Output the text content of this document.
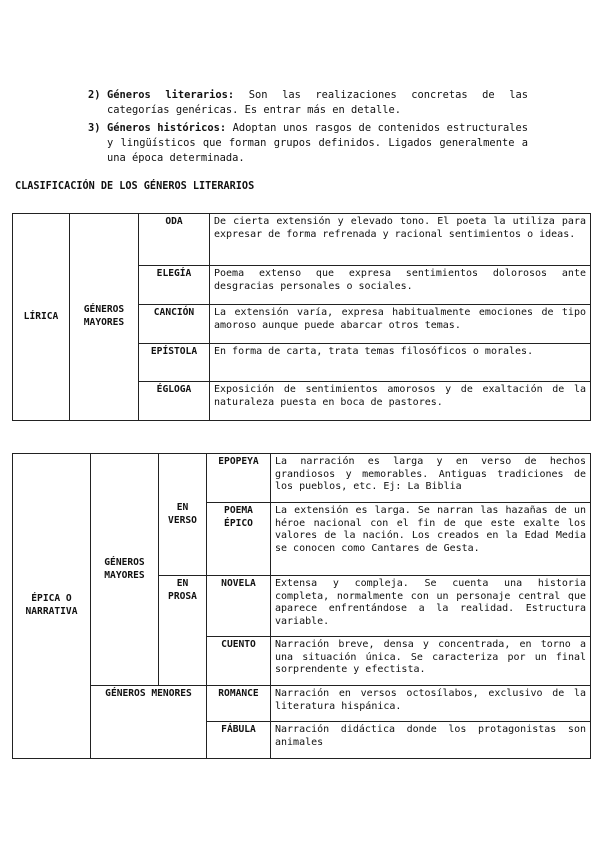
2) Géneros literarios: Son las realizaciones concretas de las categorías genéricas. Es entrar más en detalle.
3) Géneros históricos: Adoptan unos rasgos de contenidos estructurales y lingüísticos que forman grupos definidos. Ligados generalmente a una época determinada.
CLASIFICACIÓN DE LOS GÉNEROS LITERARIOS
LÍRICA	GÉNEROS MAYORES	ODA	De cierta extensión y elevado tono. El poeta la utiliza para expresar de forma refrenada y racional sentimientos o ideas.
		ELEGÍA	Poema extenso que expresa sentimientos dolorosos ante desgracias personales o sociales.
		CANCIÓN	La extensión varía, expresa habitualmente emociones de tipo amoroso aunque puede abarcar otros temas.
		EPÍSTOLA	En forma de carta, trata temas filosóficos o morales.
		ÉGLOGA	Exposición de sentimientos amorosos y de exaltación de la naturaleza puesta en boca de pastores.
ÉPICA O NARRATIVA	GÉNEROS MAYORES	EN VERSO	EPOPEYA	La narración es larga y en verso de hechos grandiosos y memorables. Antiguas tradiciones de los pueblos, etc. Ej: La Biblia
			POEMA ÉPICO	La extensión es larga. Se narran las hazañas de un héroe nacional con el fin de que este exalte los valores de la nación. Los creados en la Edad Media se conocen como Cantares de Gesta.
		EN PROSA	NOVELA	Extensa y compleja. Se cuenta una historia completa, normalmente con un personaje central que aparece enfrentándose a la realidad. Estructura variable.
			CUENTO	Narración breve, densa y concentrada, en torno a una situación única. Se caracteriza por un final sorprendente y efectista.
	GÉNEROS MENORES		ROMANCE	Narración en versos octosílabos, exclusivo de la literatura hispánica.
			FÁBULA	Narración didáctica donde los protagonistas son animales
